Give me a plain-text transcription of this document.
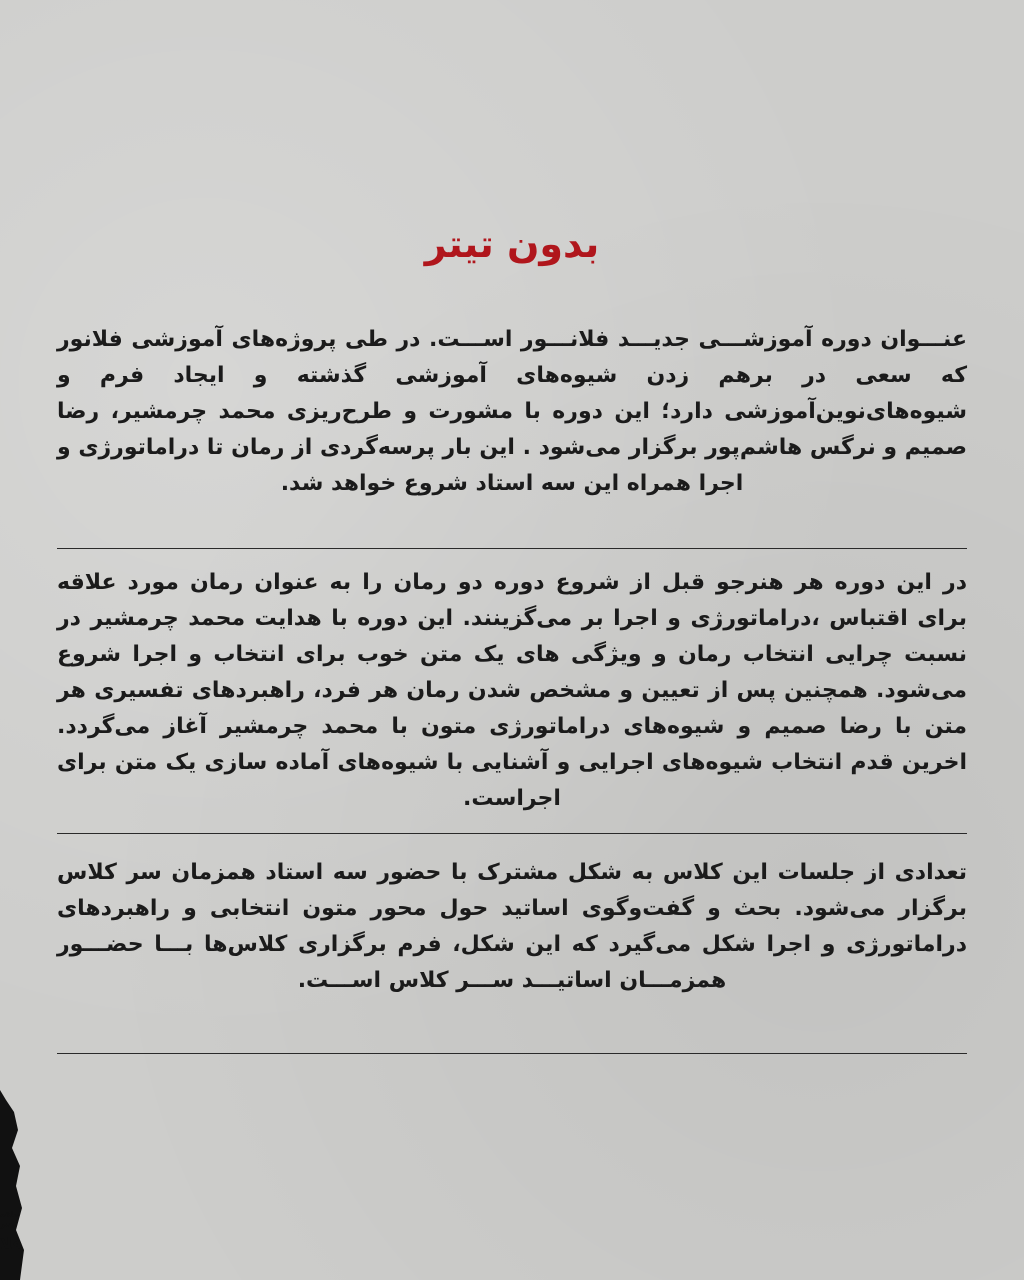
بدون تیتر

عنـــوان دوره آموزشـــی جدیـــد فلانـــور اســـت. در طی پروژه‌های آموزشی فلانور که سعی در برهم زدن شیوه‌های آموزشی گذشته و ایجاد فرم و شیوه‌های‌نوین‌آموزشی دارد؛ این دوره با مشورت و طرح‌ریزی محمد چرمشیر، رضا صمیم و نرگس هاشم‌پور برگزار می‌شود . این بار پرسه‌گردی از رمان تا دراماتورژی و اجرا همراه این سه استاد شروع خواهد شد.

در این دوره هر هنرجو قبل از شروع دوره دو رمان را به عنوان رمان مورد علاقه برای اقتباس ،دراماتورژی و اجرا بر می‌گزینند. این دوره با هدایت محمد چرمشیر در نسبت چرایی انتخاب رمان و ویژگی های یک متن خوب برای انتخاب و اجرا شروع می‌شود. همچنین پس از تعیین و مشخص شدن رمان هر فرد، راهبردهای تفسیری هر متن با رضا صمیم و شیوه‌های دراماتورژی متون با محمد چرمشیر آغاز می‌گردد. اخرین قدم انتخاب شیوه‌های اجرایی و آشنایی با شیوه‌های آماده سازی یک متن برای اجراست.

تعدادی از جلسات این کلاس به شکل مشترک با حضور سه استاد همزمان سر کلاس برگزار می‌شود. بحث و گفت‌وگوی اساتید حول محور متون انتخابی و راهبردهای دراماتورژی و اجرا شکل می‌گیرد که این شکل، فرم برگزاری کلاس‌ها بـــا حضـــور همزمـــان اساتیـــد ســـر کلاس اســـت.

حلقه هنر
فلا
